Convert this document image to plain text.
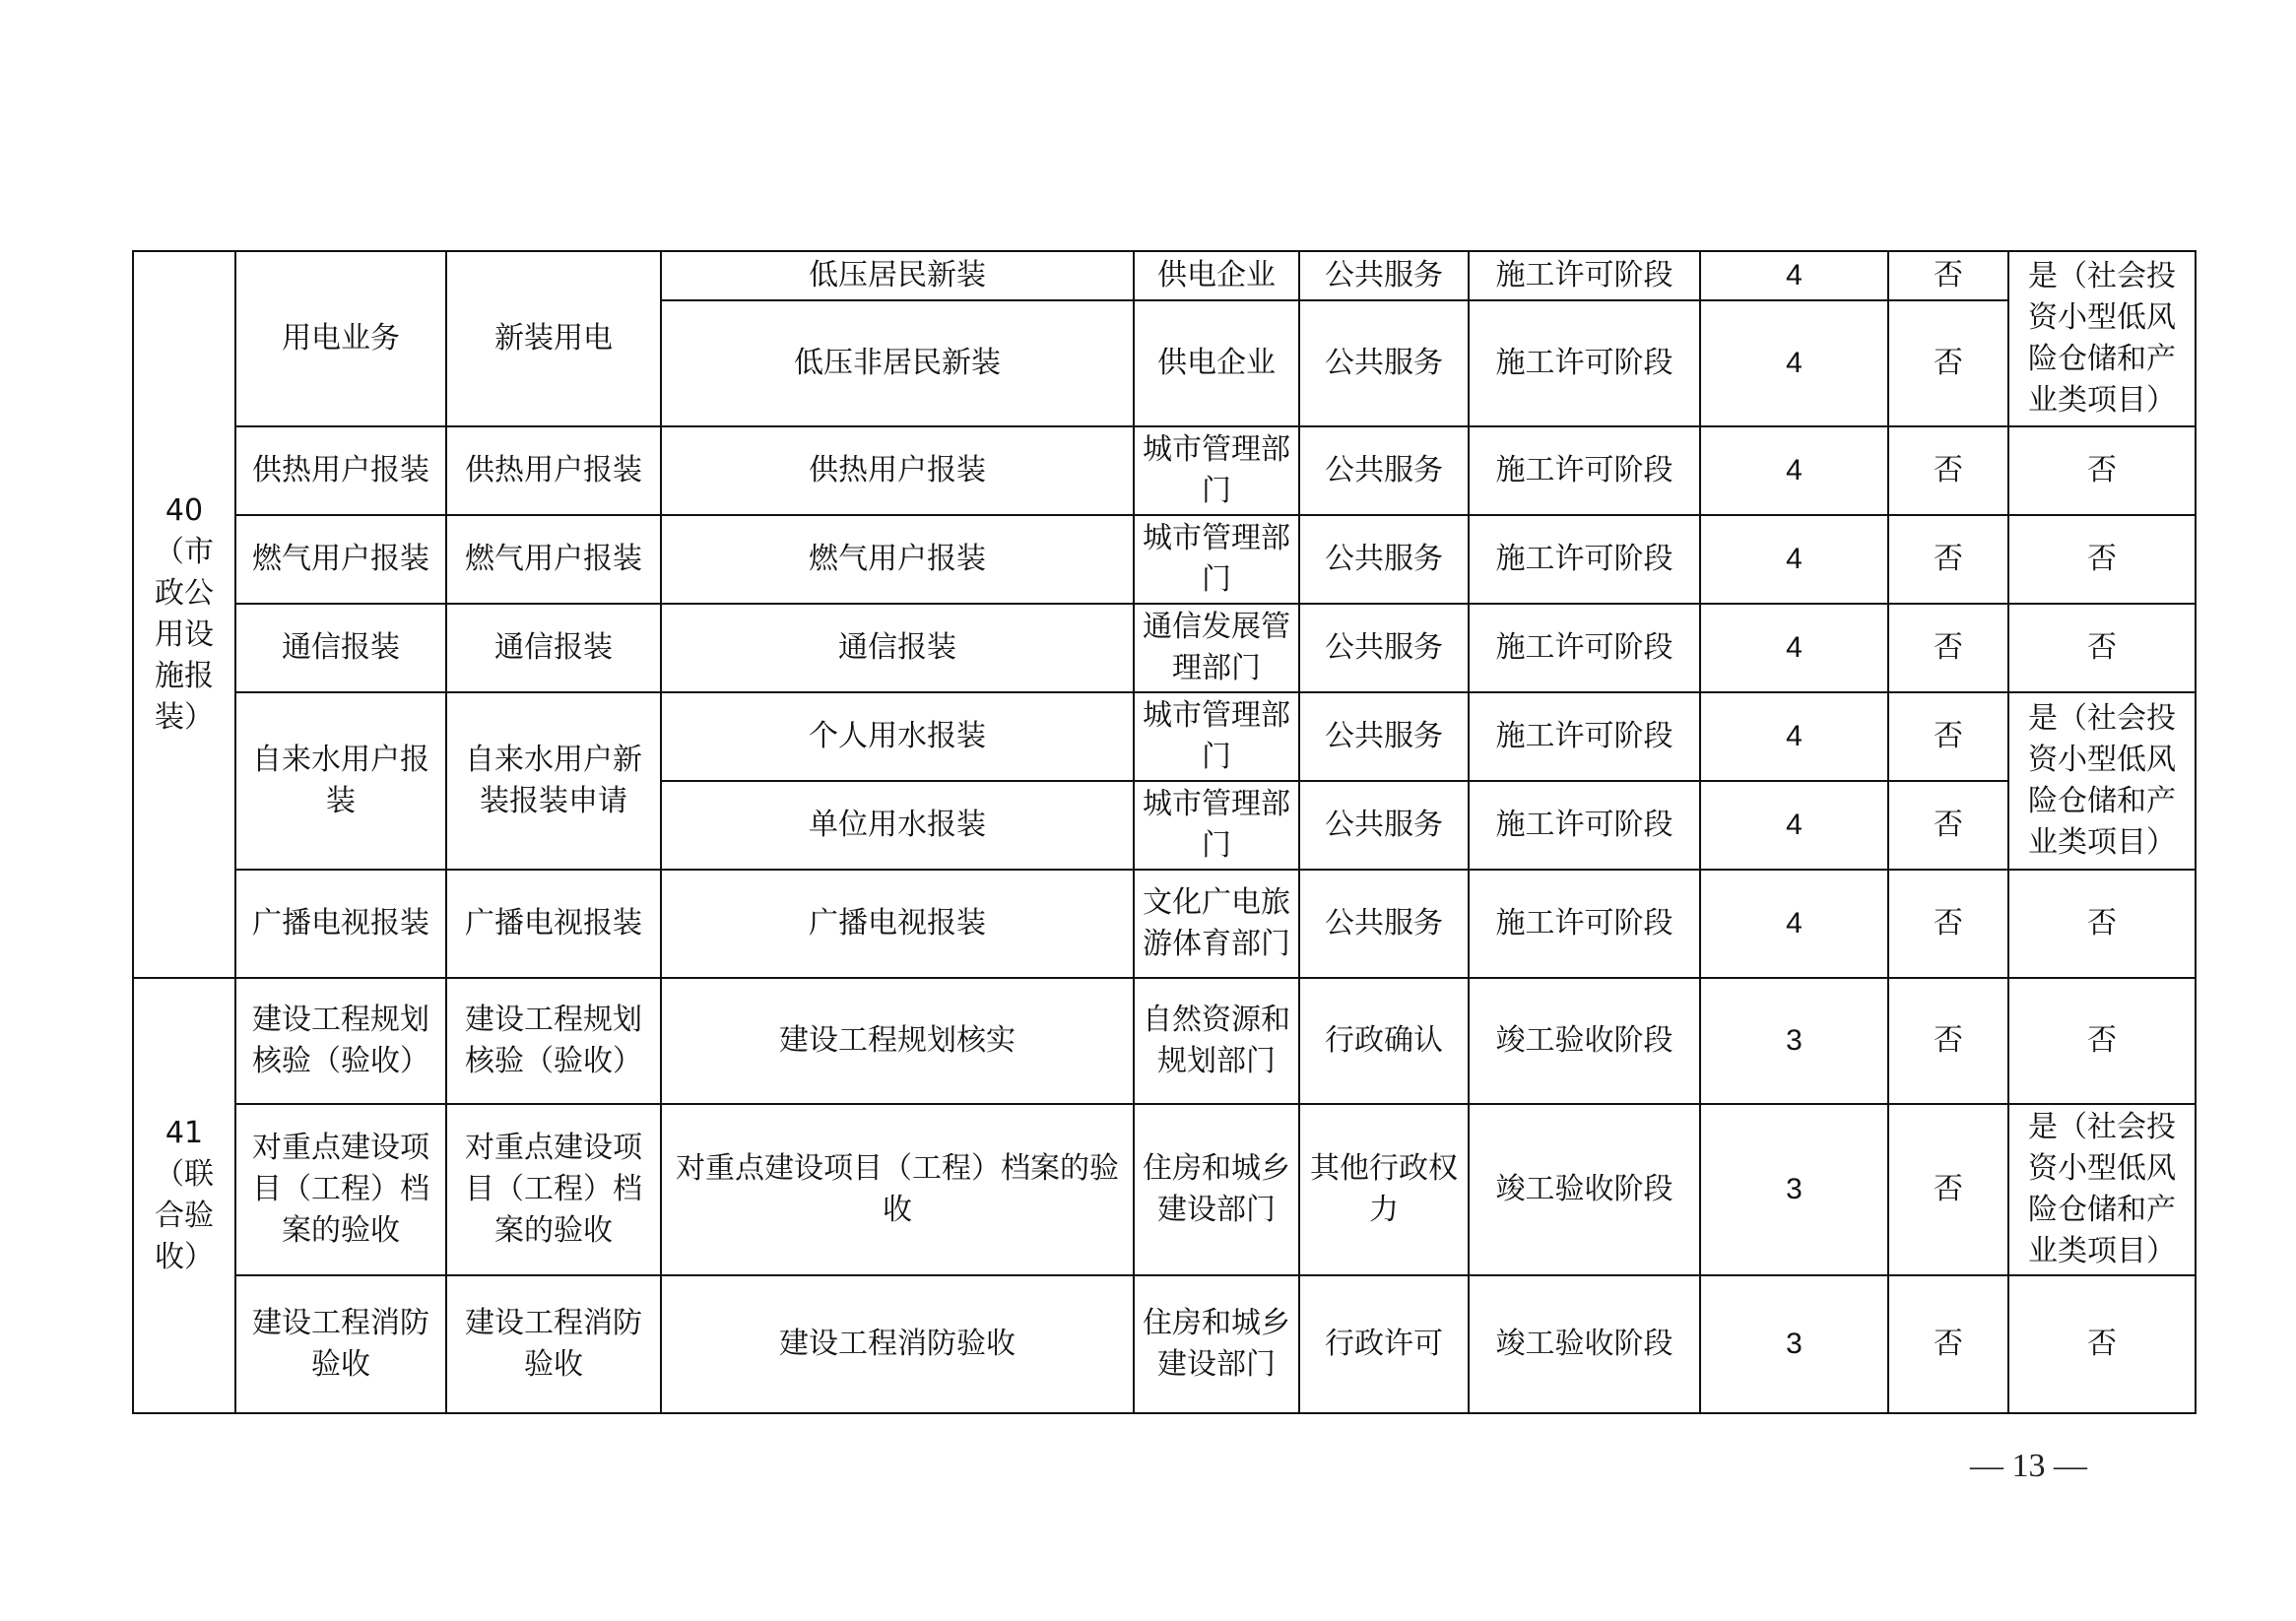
40（市政公用设施报装）	用电业务	新装用电	低压居民新装	供电企业	公共服务	施工许可阶段	4	否	是（社会投资小型低风险仓储和产业类项目）
			低压非居民新装	供电企业	公共服务	施工许可阶段	4	否	
	供热用户报装	供热用户报装	供热用户报装	城市管理部门	公共服务	施工许可阶段	4	否	否
	燃气用户报装	燃气用户报装	燃气用户报装	城市管理部门	公共服务	施工许可阶段	4	否	否
	通信报装	通信报装	通信报装	通信发展管理部门	公共服务	施工许可阶段	4	否	否
	自来水用户报装	自来水用户新装报装申请	个人用水报装	城市管理部门	公共服务	施工许可阶段	4	否	是（社会投资小型低风险仓储和产业类项目）
			单位用水报装	城市管理部门	公共服务	施工许可阶段	4	否	
	广播电视报装	广播电视报装	广播电视报装	文化广电旅游体育部门	公共服务	施工许可阶段	4	否	否
41（联合验收）	建设工程规划核验（验收）	建设工程规划核验（验收）	建设工程规划核实	自然资源和规划部门	行政确认	竣工验收阶段	3	否	否
	对重点建设项目（工程）档案的验收	对重点建设项目（工程）档案的验收	对重点建设项目（工程）档案的验收	住房和城乡建设部门	其他行政权力	竣工验收阶段	3	否	是（社会投资小型低风险仓储和产业类项目）
	建设工程消防验收	建设工程消防验收	建设工程消防验收	住房和城乡建设部门	行政许可	竣工验收阶段	3	否	否
— 13 —
